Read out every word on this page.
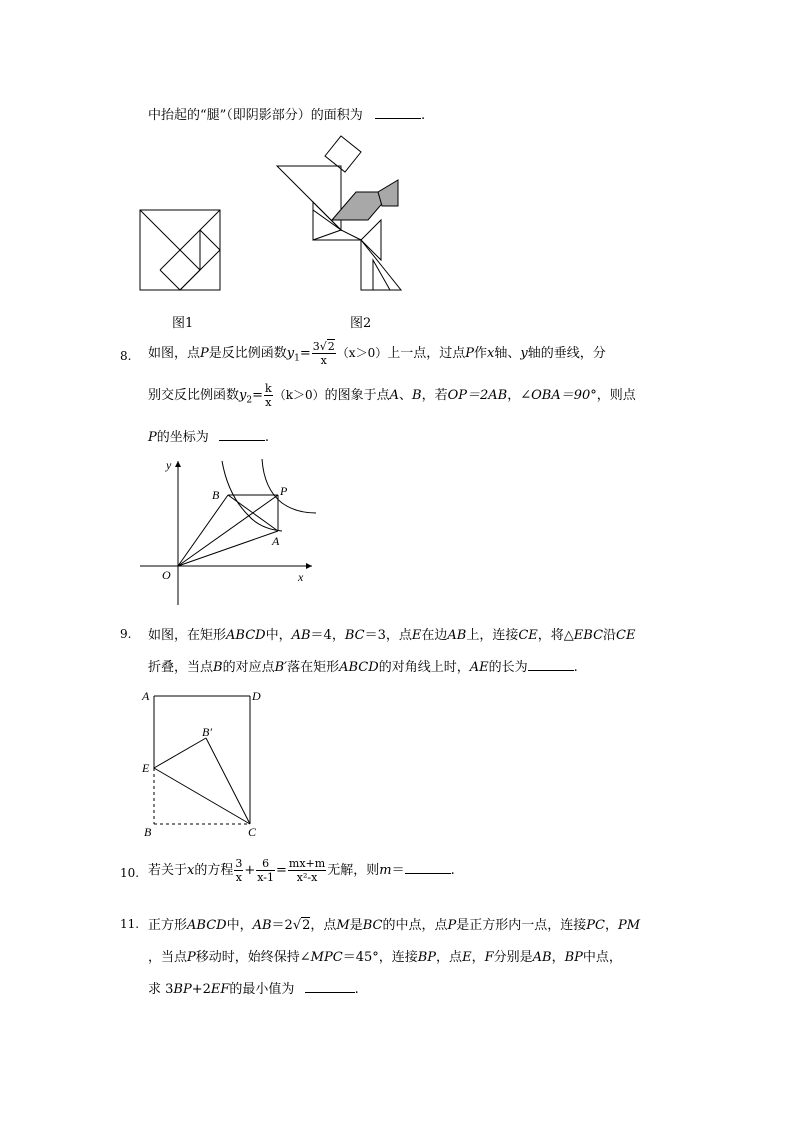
中抬起的“腿”（即阴影部分）的面积为	.
图1	图2
8. 如图，点P是反比例函数$y_1= \frac{3√2}{x} (x>0)$上一点，过点P作x轴、y轴的垂线，分
别交反比例函数$y_2= \frac{k}{x} (k>0)$的图象于点A、B，若OP＝2AB，∠OBA＝90°，则点
P的坐标为	.
y
x
O
B	P
A
9. 如图，在矩形ABCD中，AB＝4，BC＝3，点E在边AB上，连接CE，将△EBC沿CE
折叠，当点B的对应点B′落在矩形ABCD的对角线上时，AE的长为	.
A	D
B′
E
B	C
10. 若关于x的方程 $\frac{3}{x} + \frac{6}{x-1} = \frac{mx+m}{\text{x²-x}}$ 无解，则m＝	.
11. 正方形ABCD中，AB＝2√2，点M是BC的中点，点P是正方形内一点，连接PC，PM
，当点P移动时，始终保持∠MPC＝45°，连接BP，点E，F分别是AB，BP中点，
求 3BP+2EF的最小值为	.
